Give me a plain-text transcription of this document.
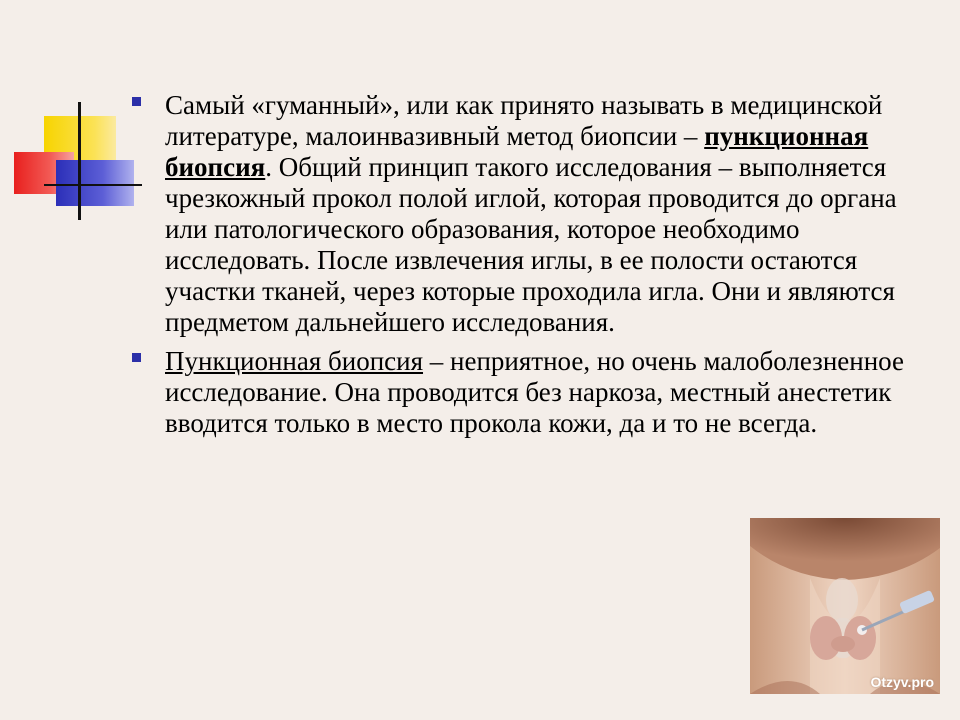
Самый «гуманный», или как принято называть в медицинской литературе, малоинвазивный метод биопсии – пункционная биопсия. Общий принцип такого исследования – выполняется чрезкожный прокол полой иглой, которая проводится до органа или патологического образования, которое необходимо исследовать. После извлечения иглы, в ее полости остаются участки тканей, через которые проходила игла. Они и являются предметом дальнейшего исследования.
Пункционная биопсия – неприятное, но очень малоболезненное исследование. Она проводится без наркоза, местный анестетик вводится только в место прокола кожи, да и то не всегда.
Otzyv.pro
